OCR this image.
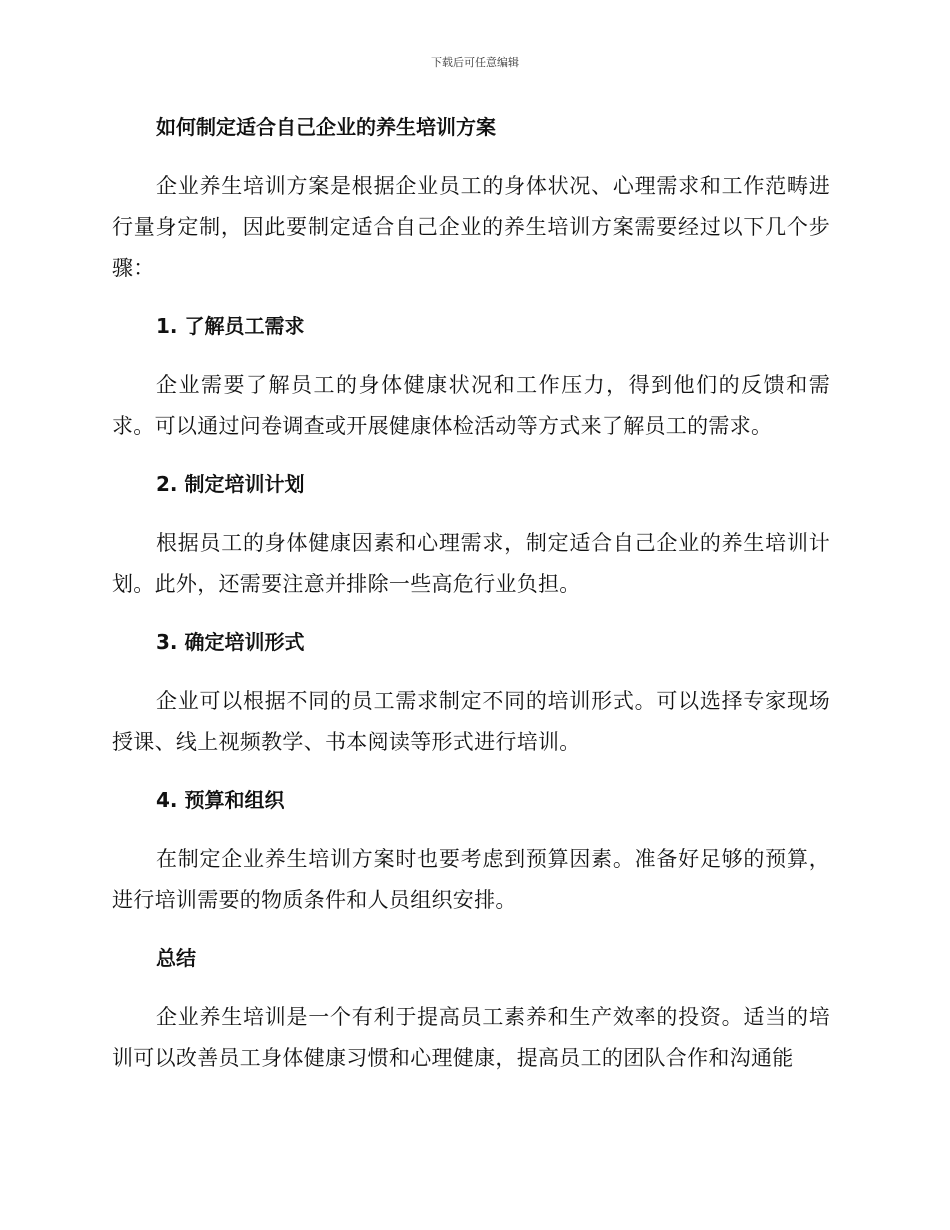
下载后可任意编辑
如何制定适合自己企业的养生培训方案

企业养生培训方案是根据企业员工的身体状况、心理需求和工作范畴进行量身定制，因此要制定适合自己企业的养生培训方案需要经过以下几个步骤：

1. 了解员工需求

企业需要了解员工的身体健康状况和工作压力，得到他们的反馈和需求。可以通过问卷调查或开展健康体检活动等方式来了解员工的需求。

2. 制定培训计划

根据员工的身体健康因素和心理需求，制定适合自己企业的养生培训计划。此外，还需要注意并排除一些高危行业负担。

3. 确定培训形式

企业可以根据不同的员工需求制定不同的培训形式。可以选择专家现场授课、线上视频教学、书本阅读等形式进行培训。

4. 预算和组织

在制定企业养生培训方案时也要考虑到预算因素。准备好足够的预算，进行培训需要的物质条件和人员组织安排。

总结

企业养生培训是一个有利于提高员工素养和生产效率的投资。适当的培训可以改善员工身体健康习惯和心理健康，提高员工的团队合作和沟通能
